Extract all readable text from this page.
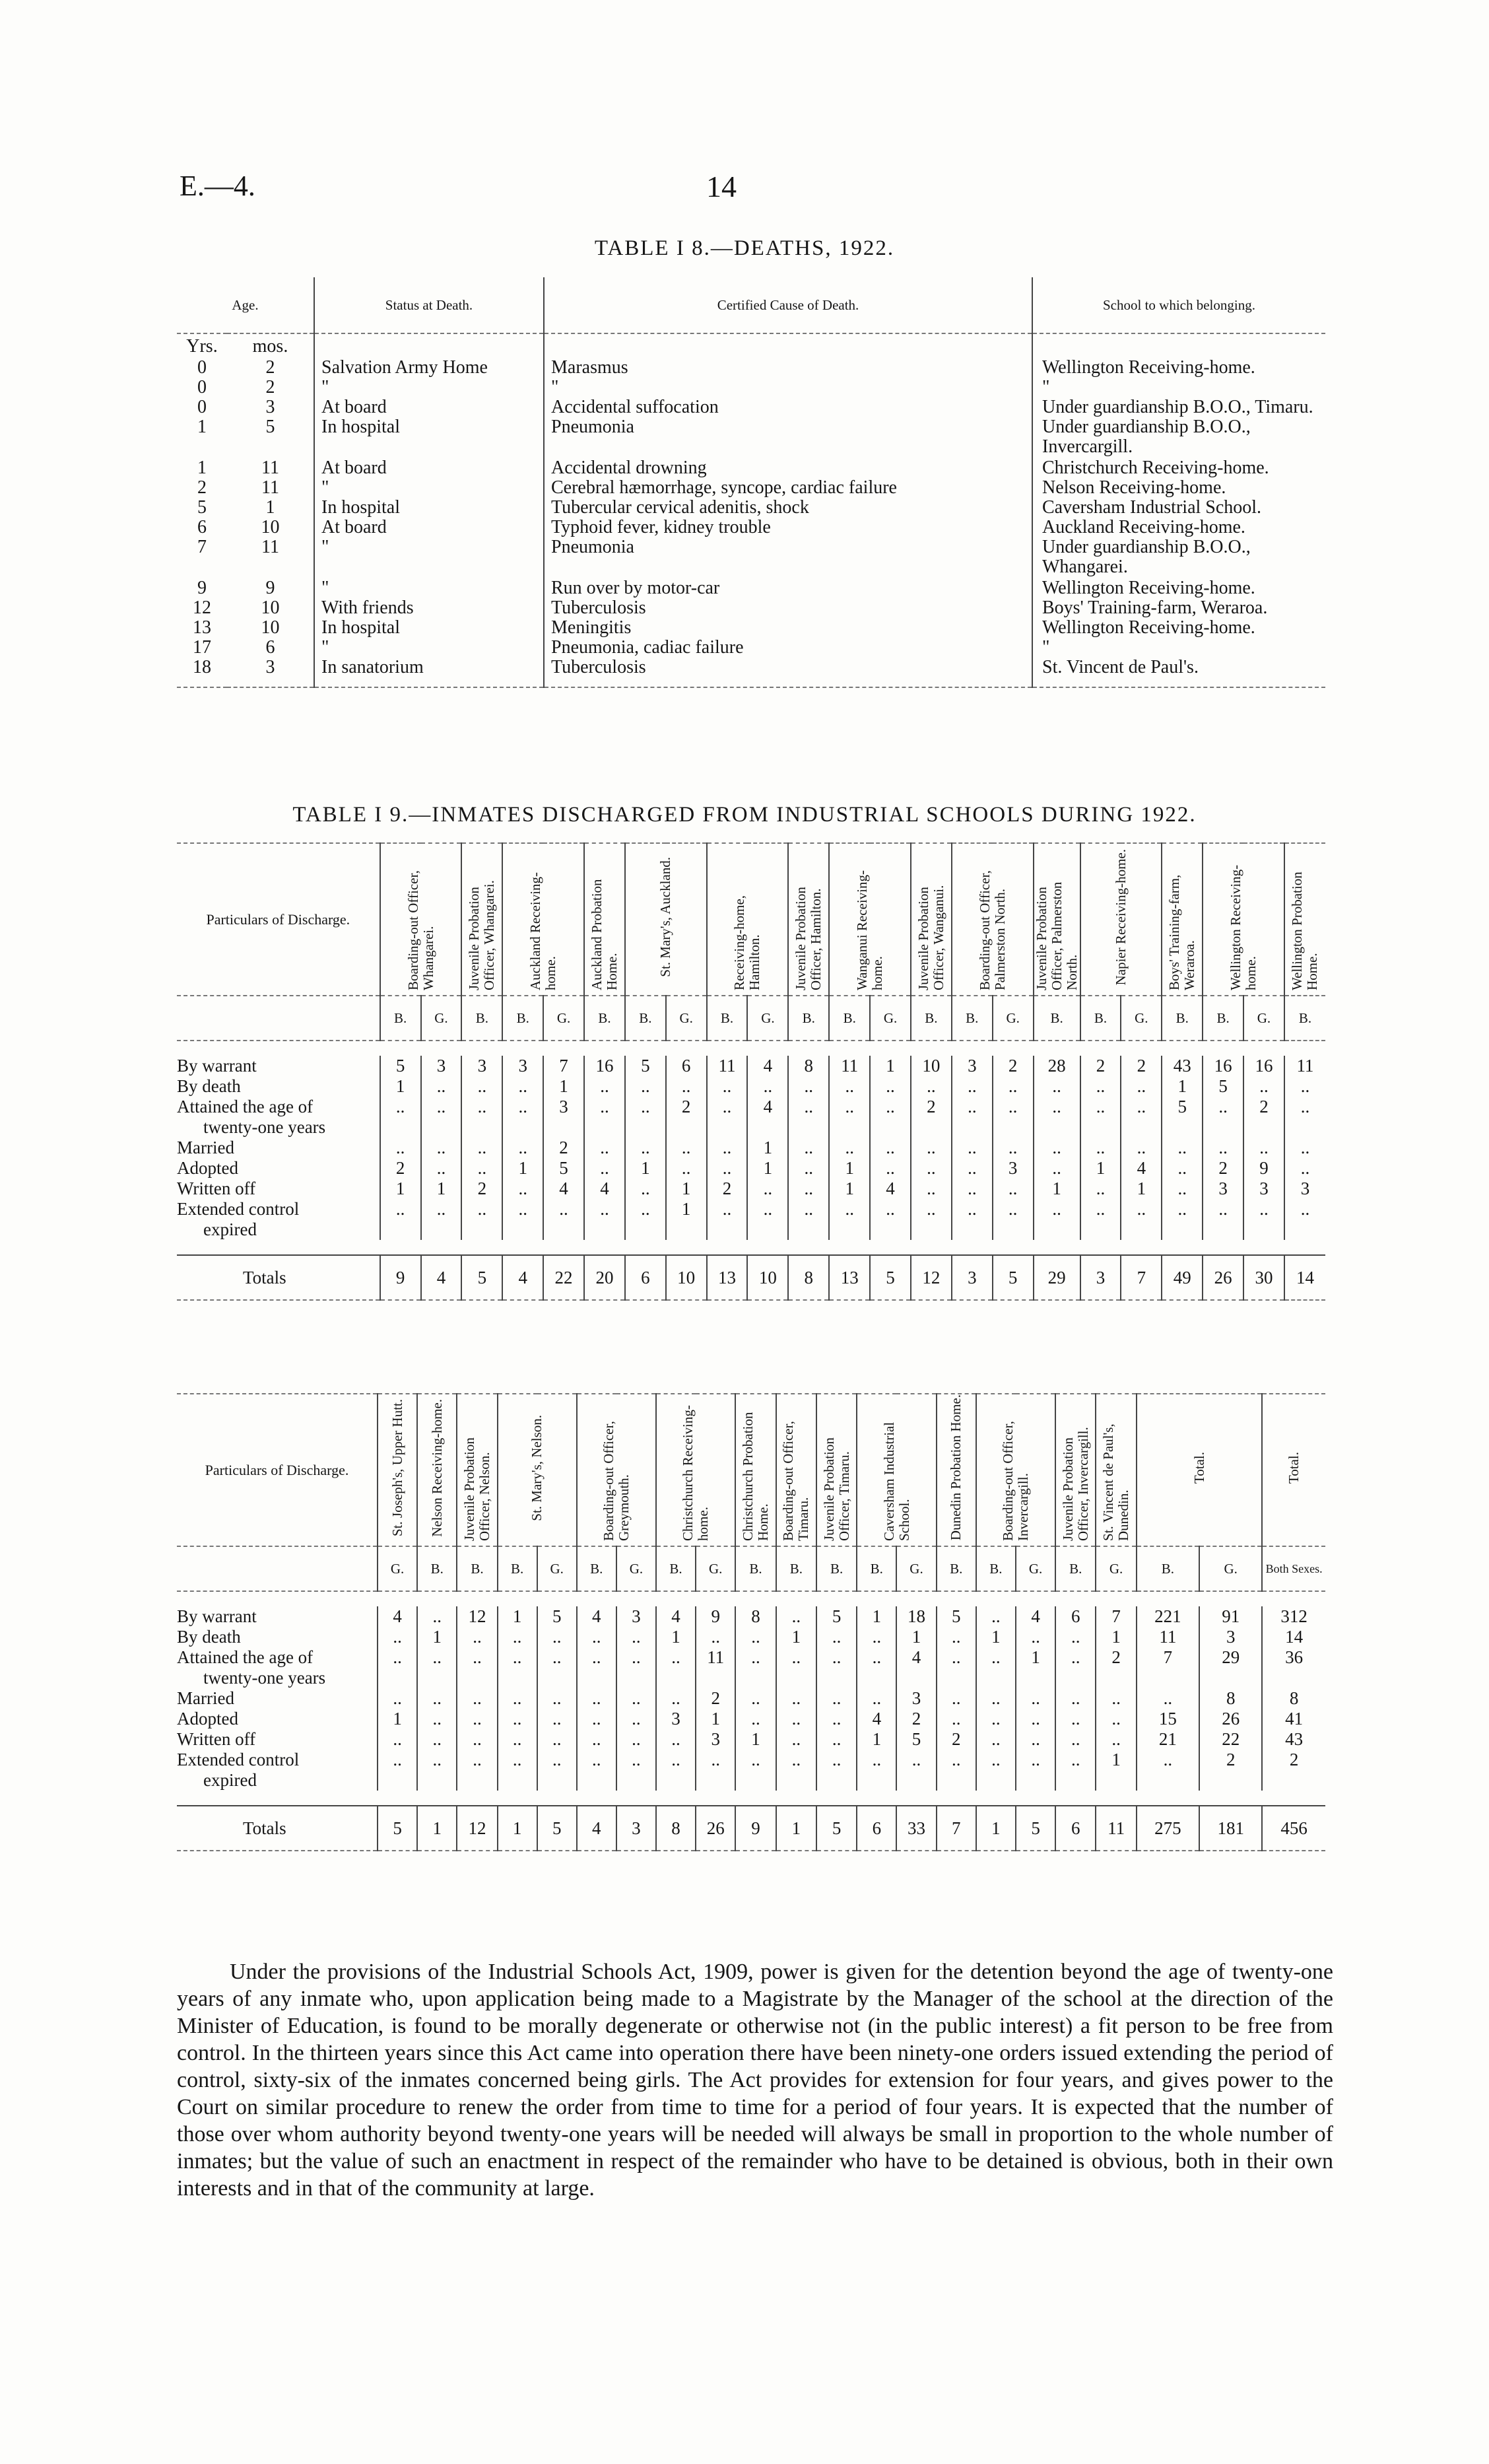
E.—4.	14
TABLE I 8.—DEATHS, 1922.
Age.		Status at Death.	Certified Cause of Death.	School to which belonging.
Yrs.	mos.			
0	2	Salvation Army Home	Marasmus	Wellington Receiving-home.
0	2	"	"	"
0	3	At board	Accidental suffocation	Under guardianship B.O.O., Timaru.
1	5	In hospital	Pneumonia	Under guardianship B.O.O., Invercargill.
1	11	At board	Accidental drowning	Christchurch Receiving-home.
2	11	"	Cerebral hæmorrhage, syncope, cardiac failure	Nelson Receiving-home.
5	1	In hospital	Tubercular cervical adenitis, shock	Caversham Industrial School.
6	10	At board	Typhoid fever, kidney trouble	Auckland Receiving-home.
7	11	"	Pneumonia	Under guardianship B.O.O., Whangarei.
9	9	"	Run over by motor-car	Wellington Receiving-home.
12	10	With friends	Tuberculosis	Boys' Training-farm, Weraroa.
13	10	In hospital	Meningitis	Wellington Receiving-home.
17	6	"	Pneumonia, cadiac failure	"
18	3	In sanatorium	Tuberculosis	St. Vincent de Paul's.
TABLE I 9.—INMATES DISCHARGED FROM INDUSTRIAL SCHOOLS DURING 1922.
Particulars of Discharge.	Boarding-out Officer, Whangarei.		Juvenile Probation Officer, Whangarei.	Auckland Receiving-home.		Auckland Probation Home.	St. Mary's, Auckland.		Receiving-home, Hamilton.		Juvenile Probation Officer, Hamilton.	Wanganui Receiving-home.		Juvenile Probation Officer, Wanganui.	Boarding-out Officer, Palmerston North.		Juvenile Probation Officer, Palmerston North.	Napier Receiving-home.		Boys' Training-farm, Weraroa.	Wellington Receiving-home.		Wellington Probation Home.
	B.	G.	B.	B.	G.	B.	B.	G.	B.	G.	B.	B.	G.	B.	B.	G.	B.	B.	G.	B.	B.	G.	B.

By warrant	5	3	3	3	7	16	5	6	11	4	8	11	1	10	3	2	28	2	2	43	16	16	11
By death	1	..	..	..	1	..	..	..	..	..	..	..	..	..	..	..	..	..	..	1	5	..	..
Attained the age of	..	..	..	..	3	..	..	2	..	4	..	..	..	2	..	..	..	..	..	5	..	2	..
twenty-one years																							
Married	..	..	..	..	2	..	..	..	..	1	..	..	..	..	..	..	..	..	..	..	..	..	..
Adopted	2	..	..	1	5	..	1	..	..	1	..	1	..	..	..	3	..	1	4	..	2	9	..
Written off	1	1	2	..	4	4	..	1	2	..	..	1	4	..	..	..	1	..	1	..	3	3	3
Extended control	..	..	..	..	..	..	..	1	..	..	..	..	..	..	..	..	..	..	..	..	..	..	..
expired																							

Totals	9	4	5	4	22	20	6	10	13	10	8	13	5	12	3	5	29	3	7	49	26	30	14
Particulars of Discharge.	St. Joseph's, Upper Hutt.	Nelson Receiving-home.	Juvenile Probation Officer, Nelson.	St. Mary's, Nelson.		Boarding-out Officer, Greymouth.		Christchurch Receiving-home.		Christchurch Probation Home.	Boarding-out Officer, Timaru.	Juvenile Probation Officer, Timaru.	Caversham Industrial School.		Dunedin Probation Home.	Boarding-out Officer, Invercargill.		Juvenile Probation Officer, Invercargill.	St. Vincent de Paul's, Dunedin.	Total.		Total.
	G.	B.	B.	B.	G.	B.	G.	B.	G.	B.	B.	B.	B.	G.	B.	B.	G.	B.	G.	B.	G.	Both Sexes.

By warrant	4	..	12	1	5	4	3	4	9	8	..	5	1	18	5	..	4	6	7	221	91	312
By death	..	1	..	..	..	..	..	1	..	..	1	..	..	1	..	1	..	..	1	11	3	14
Attained the age of	..	..	..	..	..	..	..	..	11	..	..	..	..	4	..	..	1	..	2	7	29	36
twenty-one years																						
Married	..	..	..	..	..	..	..	..	2	..	..	..	..	3	..	..	..	..	..	..	8	8
Adopted	1	..	..	..	..	..	..	3	1	..	..	..	4	2	..	..	..	..	..	15	26	41
Written off	..	..	..	..	..	..	..	..	3	1	..	..	1	5	2	..	..	..	..	21	22	43
Extended control	..	..	..	..	..	..	..	..	..	..	..	..	..	..	..	..	..	..	1	..	2	2
expired																						

Totals	5	1	12	1	5	4	3	8	26	9	1	5	6	33	7	1	5	6	11	275	181	456
Under the provisions of the Industrial Schools Act, 1909, power is given for the detention beyond the age of twenty-one years of any inmate who, upon application being made to a Magistrate by the Manager of the school at the direction of the Minister of Education, is found to be morally degenerate or otherwise not (in the public interest) a fit person to be free from control. In the thirteen years since this Act came into operation there have been ninety-one orders issued extending the period of control, sixty-six of the inmates concerned being girls. The Act provides for extension for four years, and gives power to the Court on similar procedure to renew the order from time to time for a period of four years. It is expected that the number of those over whom authority beyond twenty-one years will be needed will always be small in proportion to the whole number of inmates; but the value of such an enactment in respect of the remainder who have to be detained is obvious, both in their own interests and in that of the community at large.
